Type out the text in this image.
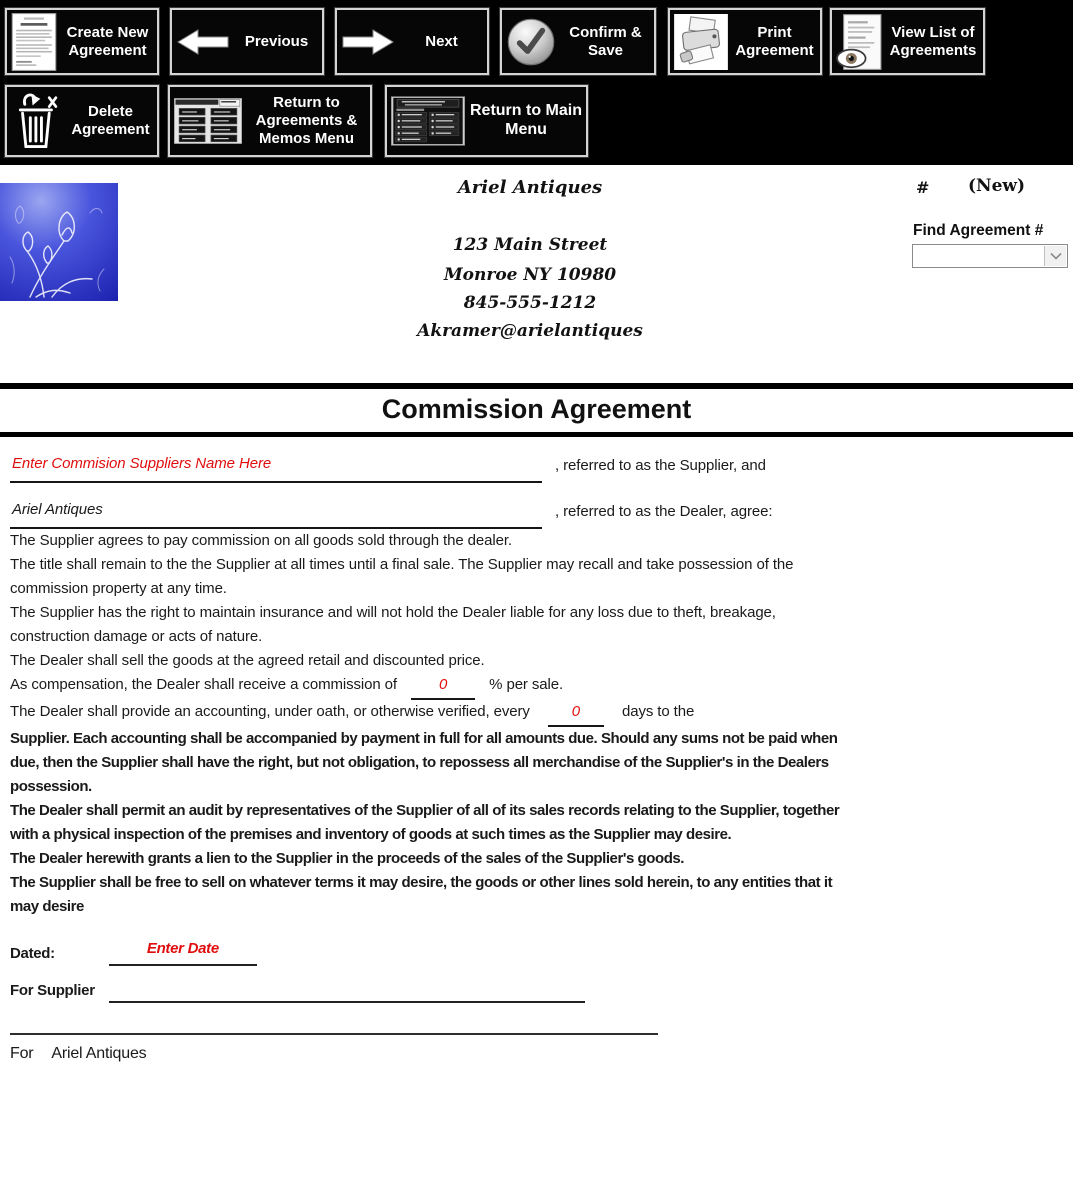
Create New Agreement
Previous	Next
Confirm & Save
Print Agreement
View List of Agreements
Delete Agreement
Return to Agreements & Memos Menu
Return to Main Menu
Ariel Antiques
123 Main Street
Monroe NY 10980
845-555-1212
Akramer@arielantiques
# (New)
Find Agreement #
Commission Agreement
Enter Commision Suppliers Name Here	, referred to as the Supplier, and
Ariel Antiques	, referred to as the Dealer, agree:

The Supplier agrees to pay commission on all goods sold through the dealer.

The title shall remain to the the Supplier at all times until a final sale. The Supplier may recall and take possession of the
commission property at any time.

The Supplier has the right to maintain insurance and will not hold the Dealer liable for any loss due to theft, breakage,
construction damage or acts of nature.

The Dealer shall sell the goods at the agreed retail and discounted price.

As compensation, the Dealer shall receive a commission of	0	% per sale.

The Dealer shall provide an accounting, under oath, or otherwise verified, every	0	days to the

Supplier. Each accounting shall be accompanied by payment in full for all amounts due. Should any sums not be paid when
due, then the Supplier shall have the right, but not obligation, to repossess all merchandise of the Supplier's in the Dealers
possession.

The Dealer shall permit an audit by representatives of the Supplier of all of its sales records relating to the Supplier, together
with a physical inspection of the premises and inventory of goods at such times as the Supplier may desire.

The Dealer herewith grants a lien to the Supplier in the proceeds of the sales of the Supplier's goods.
The Supplier shall be free to sell on whatever terms it may desire, the goods or other lines sold herein, to any entities that it
may desire

Dated:	Enter Date
For Supplier
For Ariel Antiques
